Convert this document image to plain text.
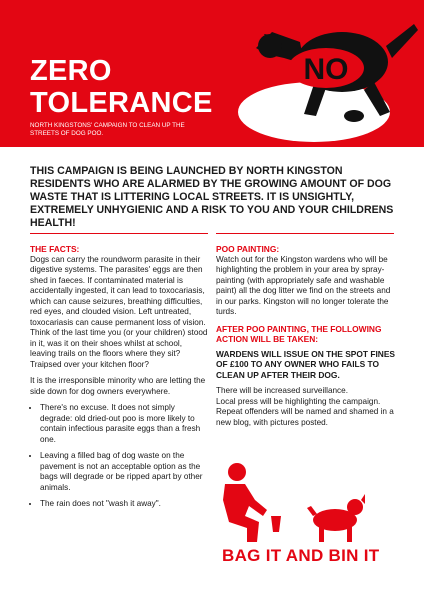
ZERO
TOLERANCE
NORTH KINGSTONS' CAMPAIGN TO CLEAN UP THE STREETS OF DOG POO.
NO
THIS CAMPAIGN IS BEING LAUNCHED BY NORTH KINGSTON RESIDENTS WHO ARE ALARMED BY THE GROWING AMOUNT OF DOG WASTE THAT IS LITTERING LOCAL STREETS. IT IS UNSIGHTLY, EXTREMELY UNHYGIENIC AND A RISK TO YOU AND YOUR CHILDRENS HEALTH!

THE FACTS:

Dogs can carry the roundworm parasite in their digestive systems. The parasites' eggs are then shed in faeces. If contaminated material is accidentally ingested, it can lead to toxocariasis, which can cause seizures, breathing difficulties, red eyes, and clouded vision. Left untreated, toxocariasis can cause permanent loss of vision. Think of the last time you (or your children) stood in it, was it on their shoes whilst at school, leaving trails on the floors where they sit? Traipsed over your kitchen floor?

It is the irresponsible minority who are letting the side down for dog owners everywhere.

• There's no excuse. It does not simply degrade: old dried-out poo is more likely to contain infectious parasite eggs than a fresh one.
• Leaving a filled bag of dog waste on the pavement is not an acceptable option as the bags will degrade or be ripped apart by other animals.
• The rain does not "wash it away".

POO PAINTING:

Watch out for the Kingston wardens who will be highlighting the problem in your area by spray-painting (with appropriately safe and washable paint) all the dog litter we find on the streets and in our parks. Kingston will no longer tolerate the turds.

AFTER POO PAINTING, THE FOLLOWING ACTION WILL BE TAKEN:

WARDENS WILL ISSUE ON THE SPOT FINES OF £100 TO ANY OWNER WHO FAILS TO CLEAN UP AFTER THEIR DOG.

There will be increased surveillance.
Local press will be highlighting the campaign.
Repeat offenders will be named and shamed in a new blog, with pictures posted.
BAG IT AND BIN IT
